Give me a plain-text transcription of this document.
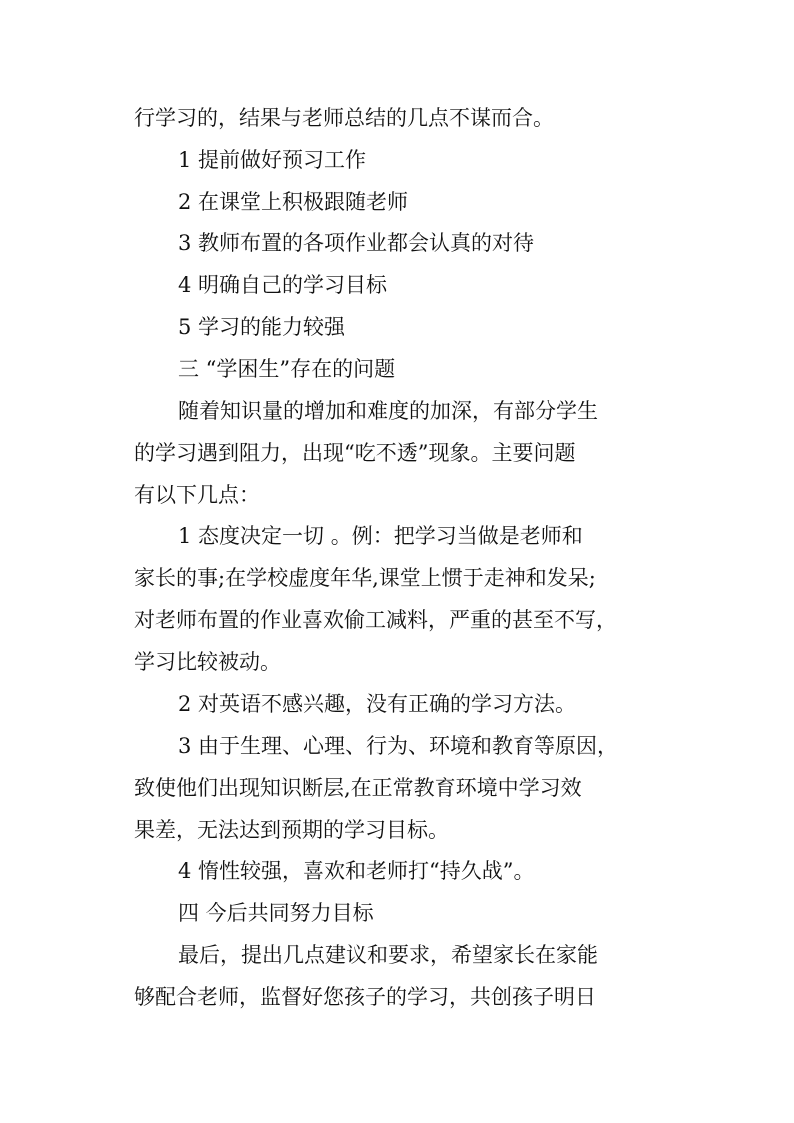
行学习的，结果与老师总结的几点不谋而合。
1 提前做好预习工作
2 在课堂上积极跟随老师
3 教师布置的各项作业都会认真的对待
4 明确自己的学习目标
5 学习的能力较强
三 “学困生”存在的问题
随着知识量的增加和难度的加深，有部分学生
的学习遇到阻力，出现“吃不透”现象。主要问题
有以下几点：
1 态度决定一切 。例：把学习当做是老师和
家长的事;在学校虚度年华,课堂上惯于走神和发呆;
对老师布置的作业喜欢偷工减料，严重的甚至不写，
学习比较被动。
2 对英语不感兴趣，没有正确的学习方法。
3 由于生理、心理、行为、环境和教育等原因，
致使他们出现知识断层,在正常教育环境中学习效
果差，无法达到预期的学习目标。
4 惰性较强，喜欢和老师打“持久战”。
四 今后共同努力目标
最后，提出几点建议和要求，希望家长在家能
够配合老师，监督好您孩子的学习，共创孩子明日
